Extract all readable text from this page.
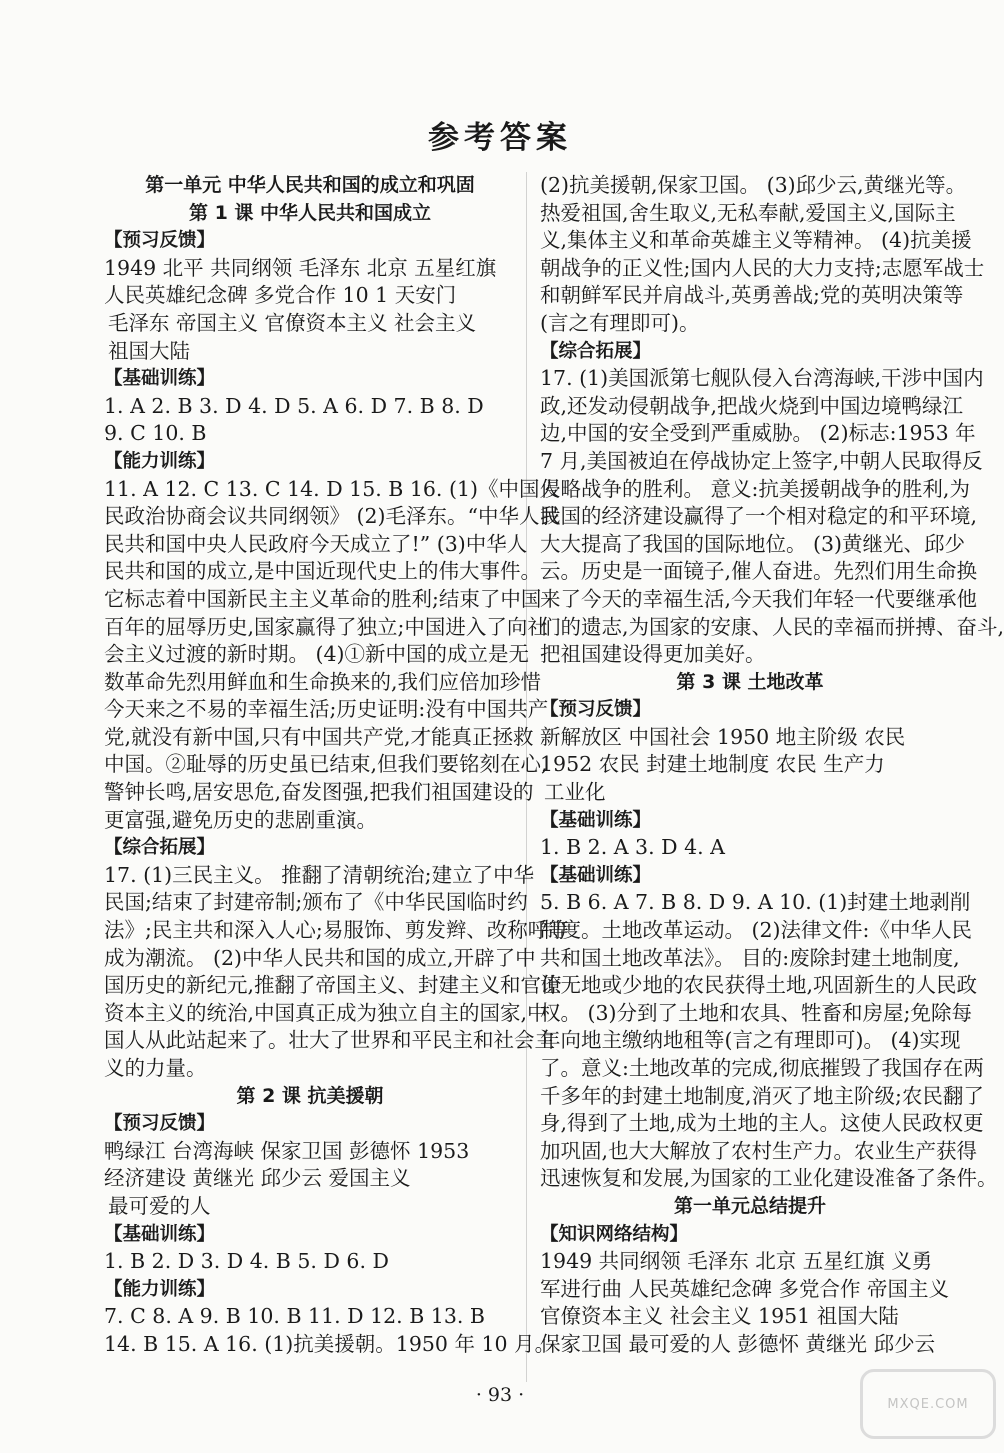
参考答案
第一单元 中华人民共和国的成立和巩固
第 1 课 中华人民共和国成立
【预习反馈】
1949 北平 共同纲领 毛泽东 北京 五星红旗
人民英雄纪念碑 多党合作 10 1 天安门
毛泽东 帝国主义 官僚资本主义 社会主义
祖国大陆
【基础训练】
1. A 2. B 3. D 4. D 5. A 6. D 7. B 8. D
9. C 10. B
【能力训练】
11. A 12. C 13. C 14. D 15. B 16. (1)《中国人
民政治协商会议共同纲领》 (2)毛泽东。“中华人民
民共和国中央人民政府今天成立了!” (3)中华人
民共和国的成立,是中国近现代史上的伟大事件。
它标志着中国新民主主义革命的胜利;结束了中国
百年的屈辱历史,国家赢得了独立;中国进入了向社
会主义过渡的新时期。 (4)①新中国的成立是无
数革命先烈用鲜血和生命换来的,我们应倍加珍惜
今天来之不易的幸福生活;历史证明:没有中国共产
党,就没有新中国,只有中国共产党,才能真正拯救
中国。②耻辱的历史虽已结束,但我们要铭刻在心,
警钟长鸣,居安思危,奋发图强,把我们祖国建设的
更富强,避免历史的悲剧重演。
【综合拓展】
17. (1)三民主义。 推翻了清朝统治;建立了中华
民国;结束了封建帝制;颁布了《中华民国临时约
法》;民主共和深入人心;易服饰、剪发辫、改称呼等
成为潮流。 (2)中华人民共和国的成立,开辟了中
国历史的新纪元,推翻了帝国主义、封建主义和官僚
资本主义的统治,中国真正成为独立自主的国家,中
国人从此站起来了。壮大了世界和平民主和社会主
义的力量。
第 2 课 抗美援朝
【预习反馈】
鸭绿江 台湾海峡 保家卫国 彭德怀 1953
经济建设 黄继光 邱少云 爱国主义
最可爱的人
【基础训练】
1. B 2. D 3. D 4. B 5. D 6. D
【能力训练】
7. C 8. A 9. B 10. B 11. D 12. B 13. B
14. B 15. A 16. (1)抗美援朝。1950 年 10 月。
(2)抗美援朝,保家卫国。 (3)邱少云,黄继光等。
热爱祖国,舍生取义,无私奉献,爱国主义,国际主
义,集体主义和革命英雄主义等精神。 (4)抗美援
朝战争的正义性;国内人民的大力支持;志愿军战士
和朝鲜军民并肩战斗,英勇善战;党的英明决策等
(言之有理即可)。
【综合拓展】
17. (1)美国派第七舰队侵入台湾海峡,干涉中国内
政,还发动侵朝战争,把战火烧到中国边境鸭绿江
边,中国的安全受到严重威胁。 (2)标志:1953 年
7 月,美国被迫在停战协定上签字,中朝人民取得反
侵略战争的胜利。 意义:抗美援朝战争的胜利,为
我国的经济建设赢得了一个相对稳定的和平环境,
大大提高了我国的国际地位。 (3)黄继光、邱少
云。历史是一面镜子,催人奋进。先烈们用生命换
来了今天的幸福生活,今天我们年轻一代要继承他
们的遗志,为国家的安康、人民的幸福而拼搏、奋斗,
把祖国建设得更加美好。
第 3 课 土地改革
【预习反馈】
新解放区 中国社会 1950 地主阶级 农民
1952 农民 封建土地制度 农民 生产力
工业化
【基础训练】
1. B 2. A 3. D 4. A
【基础训练】
5. B 6. A 7. B 8. D 9. A 10. (1)封建土地剥削
制度。土地改革运动。 (2)法律文件:《中华人民
共和国土地改革法》。 目的:废除封建土地制度,
让无地或少地的农民获得土地,巩固新生的人民政
权。 (3)分到了土地和农具、牲畜和房屋;免除每
年向地主缴纳地租等(言之有理即可)。 (4)实现
了。意义:土地改革的完成,彻底摧毁了我国存在两
千多年的封建土地制度,消灭了地主阶级;农民翻了
身,得到了土地,成为土地的主人。这使人民政权更
加巩固,也大大解放了农村生产力。农业生产获得
迅速恢复和发展,为国家的工业化建设准备了条件。
第一单元总结提升
【知识网络结构】
1949 共同纲领 毛泽东 北京 五星红旗 义勇
军进行曲 人民英雄纪念碑 多党合作 帝国主义
官僚资本主义 社会主义 1951 祖国大陆
保家卫国 最可爱的人 彭德怀 黄继光 邱少云
· 93 ·	MXQE.COM
